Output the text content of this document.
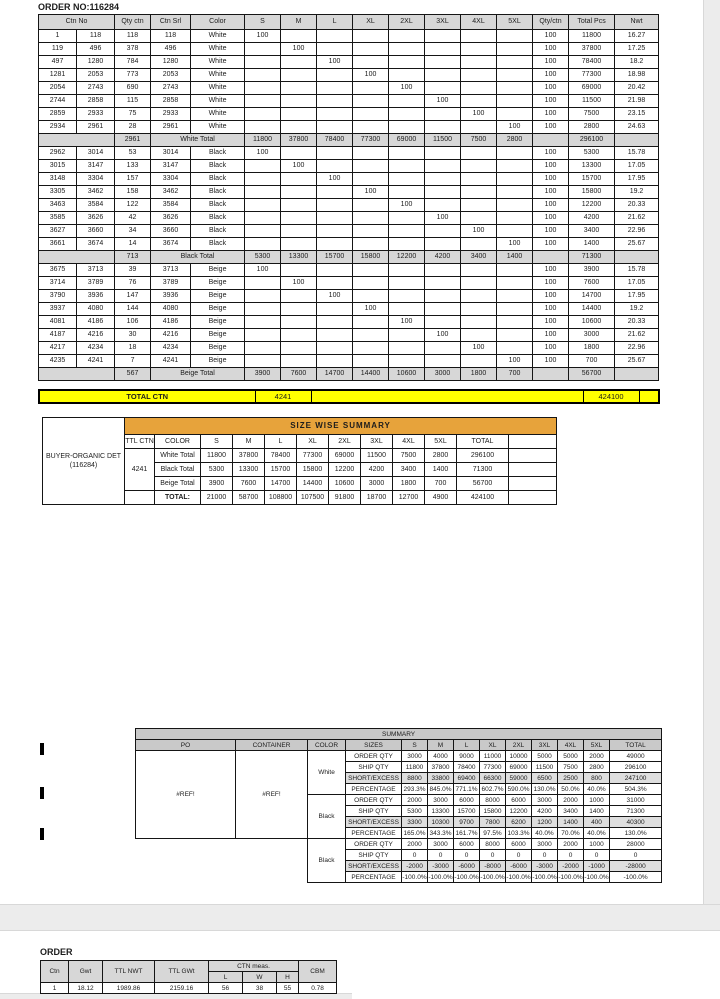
ORDER NO:116284
Ctn No		Qty ctn	Ctn Srl	Color	S	M	L	XL	2XL	3XL	4XL	5XL	Qty/ctn	Total Pcs	Nwt
1	118	118	118	White	100								100	11800	16.27
119	496	378	496	White		100							100	37800	17.25
497	1280	784	1280	White			100						100	78400	18.2
1281	2053	773	2053	White				100					100	77300	18.98
2054	2743	690	2743	White					100				100	69000	20.42
2744	2858	115	2858	White						100			100	11500	21.98
2859	2933	75	2933	White							100		100	7500	23.15
2934	2961	28	2961	White								100	100	2800	24.63
		2961	White Total		11800	37800	78400	77300	69000	11500	7500	2800		296100	
2962	3014	53	3014	Black	100								100	5300	15.78
3015	3147	133	3147	Black		100							100	13300	17.05
3148	3304	157	3304	Black			100						100	15700	17.95
3305	3462	158	3462	Black				100					100	15800	19.2
3463	3584	122	3584	Black					100				100	12200	20.33
3585	3626	42	3626	Black						100			100	4200	21.62
3627	3660	34	3660	Black							100		100	3400	22.96
3661	3674	14	3674	Black								100	100	1400	25.67
		713	Black Total		5300	13300	15700	15800	12200	4200	3400	1400		71300	
3675	3713	39	3713	Beige	100								100	3900	15.78
3714	3789	76	3789	Beige		100							100	7600	17.05
3790	3936	147	3936	Beige			100						100	14700	17.95
3937	4080	144	4080	Beige				100					100	14400	19.2
4081	4186	106	4186	Beige					100				100	10600	20.33
4187	4216	30	4216	Beige						100			100	3000	21.62
4217	4234	18	4234	Beige							100		100	1800	22.96
4235	4241	7	4241	Beige								100	100	700	25.67
		567	Beige Total		3900	7600	14700	14400	10600	3000	1800	700		56700	
TOTAL CTN	4241		424100	
BUYER-ORGANIC DET
(116284)	SIZE WISE SUMMARY											
	TTL CTN	COLOR	S	M	L	XL	2XL	3XL	4XL	5XL	TOTAL	
	4241	White Total	11800	37800	78400	77300	69000	11500	7500	2800	296100	
		Black Total	5300	13300	15700	15800	12200	4200	3400	1400	71300	
		Beige Total	3900	7600	14700	14400	10600	3000	1800	700	56700	
		TOTAL:	21000	58700	108800	107500	91800	18700	12700	4900	424100	
SUMMARY												
PO	CONTAINER	COLOR	SIZES	S	M	L	XL	2XL	3XL	4XL	5XL	TOTAL
#REF!	#REF!	White	ORDER QTY	3000	4000	9000	11000	10000	5000	5000	2000	49000
			SHIP QTY	11800	37800	78400	77300	69000	11500	7500	2800	296100
			SHORT/EXCESS	8800	33800	69400	66300	59000	6500	2500	800	247100
			PERCENTAGE	293.3%	845.0%	771.1%	602.7%	590.0%	130.0%	50.0%	40.0%	504.3%
		Black	ORDER QTY	2000	3000	6000	8000	6000	3000	2000	1000	31000
			SHIP QTY	5300	13300	15700	15800	12200	4200	3400	1400	71300
			SHORT/EXCESS	3300	10300	9700	7800	6200	1200	1400	400	40300
			PERCENTAGE	165.0%	343.3%	161.7%	97.5%	103.3%	40.0%	70.0%	40.0%	130.0%
		Black	ORDER QTY	2000	3000	6000	8000	6000	3000	2000	1000	28000
			SHIP QTY	0	0	0	0	0	0	0	0	0
			SHORT/EXCESS	-2000	-3000	-6000	-8000	-6000	-3000	-2000	-1000	-28000
			PERCENTAGE	-100.0%	-100.0%	-100.0%	-100.0%	-100.0%	-100.0%	-100.0%	-100.0%	-100.0%
ORDER
Ctn	Gwt	TTL NWT	TTL GWt	CTN meas.			CBM
				L	W	H	
1	18.12	1989.86	2159.16	56	38	55	0.78
